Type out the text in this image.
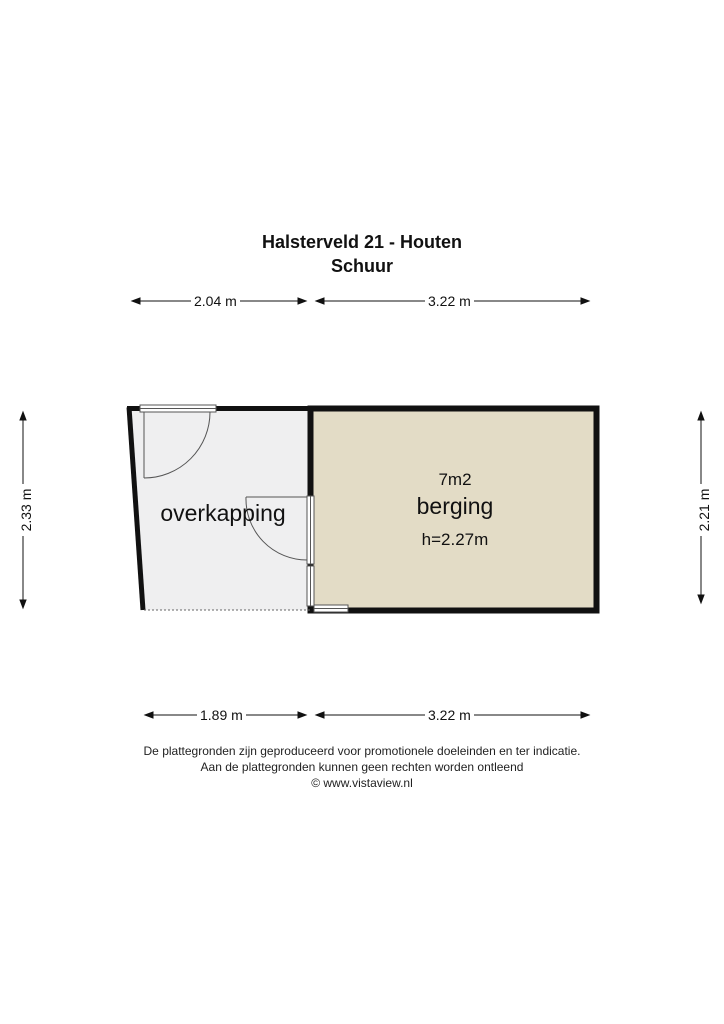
Halsterveld 21 - Houten
Schuur
2.04 m	3.22 m
1.89 m	3.22 m
2.33 m	2.21 m
overkapping
7m2
berging
h=2.27m
De plattegronden zijn geproduceerd voor promotionele doeleinden en ter indicatie.
Aan de plattegronden kunnen geen rechten worden ontleend
© www.vistaview.nl
